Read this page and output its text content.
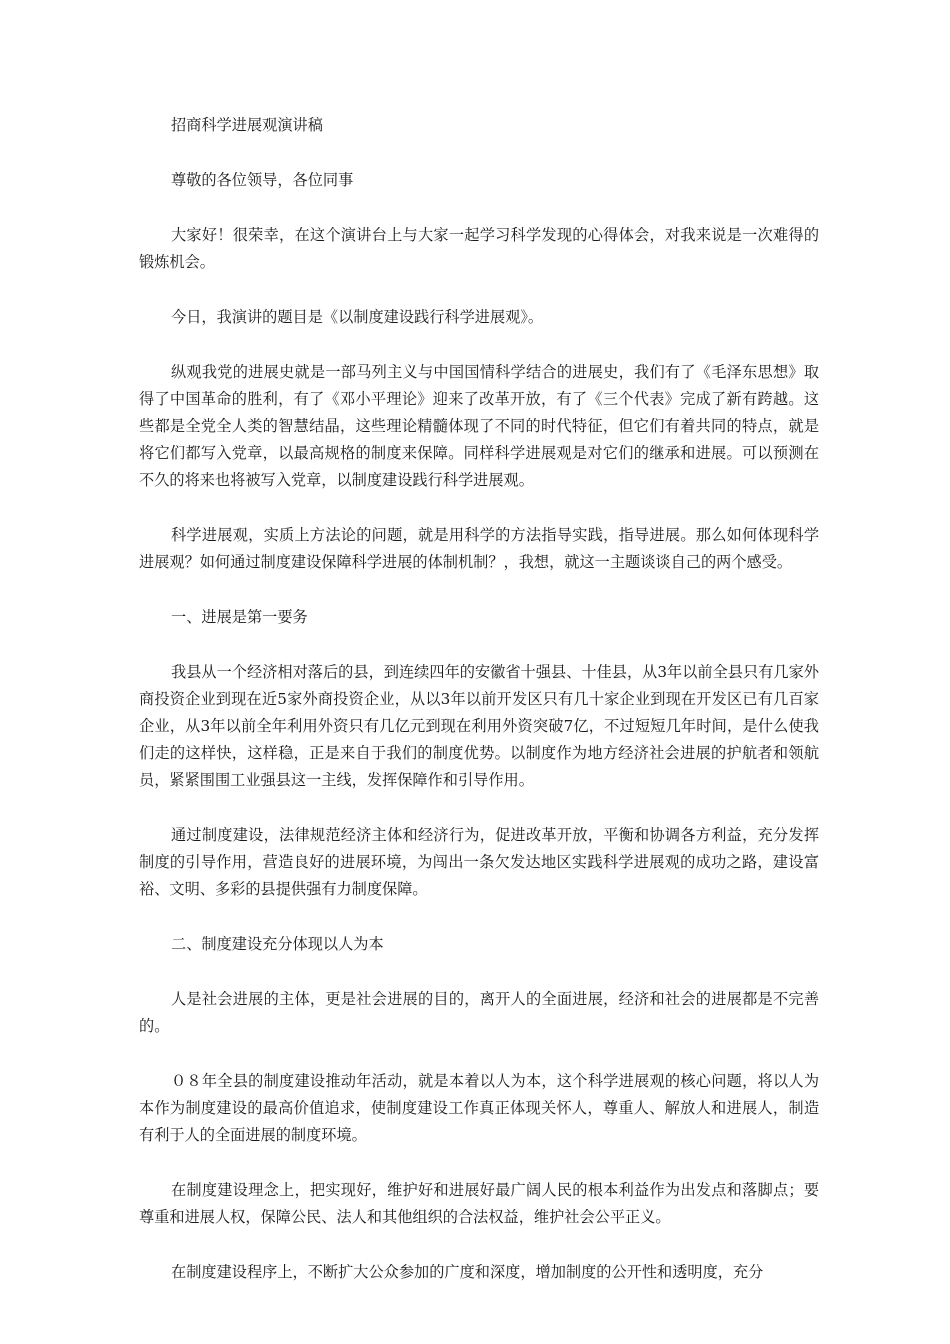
招商科学进展观演讲稿

尊敬的各位领导，各位同事

大家好！很荣幸，在这个演讲台上与大家一起学习科学发现的心得体会，对我来说是一次难得的锻炼机会。

今日，我演讲的题目是《以制度建设践行科学进展观》。

纵观我党的进展史就是一部马列主义与中国国情科学结合的进展史，我们有了《毛泽东思想》取得了中国革命的胜利，有了《邓小平理论》迎来了改革开放，有了《三个代表》完成了新有跨越。这些都是全党全人类的智慧结晶，这些理论精髓体现了不同的时代特征，但它们有着共同的特点，就是将它们都写入党章，以最高规格的制度来保障。同样科学进展观是对它们的继承和进展。可以预测在不久的将来也将被写入党章，以制度建设践行科学进展观。

科学进展观，实质上方法论的问题，就是用科学的方法指导实践，指导进展。那么如何体现科学进展观？如何通过制度建设保障科学进展的体制机制？，我想，就这一主题谈谈自己的两个感受。

一、进展是第一要务

我县从一个经济相对落后的县，到连续四年的安徽省十强县、十佳县，从3年以前全县只有几家外商投资企业到现在近5家外商投资企业，从以3年以前开发区只有几十家企业到现在开发区已有几百家企业，从3年以前全年利用外资只有几亿元到现在利用外资突破7亿，不过短短几年时间，是什么使我们走的这样快，这样稳，正是来自于我们的制度优势。以制度作为地方经济社会进展的护航者和领航员，紧紧围围工业强县这一主线，发挥保障作和引导作用。

通过制度建设，法律规范经济主体和经济行为，促进改革开放，平衡和协调各方利益，充分发挥制度的引导作用，营造良好的进展环境，为闯出一条欠发达地区实践科学进展观的成功之路，建设富裕、文明、多彩的县提供强有力制度保障。

二、制度建设充分体现以人为本

人是社会进展的主体，更是社会进展的目的，离开人的全面进展，经济和社会的进展都是不完善的。

０８年全县的制度建设推动年活动，就是本着以人为本，这个科学进展观的核心问题，将以人为本作为制度建设的最高价值追求，使制度建设工作真正体现关怀人，尊重人、解放人和进展人，制造有利于人的全面进展的制度环境。

在制度建设理念上，把实现好，维护好和进展好最广阔人民的根本利益作为出发点和落脚点；要尊重和进展人权，保障公民、法人和其他组织的合法权益，维护社会公平正义。

在制度建设程序上，不断扩大公众参加的广度和深度，增加制度的公开性和透明度，充分
